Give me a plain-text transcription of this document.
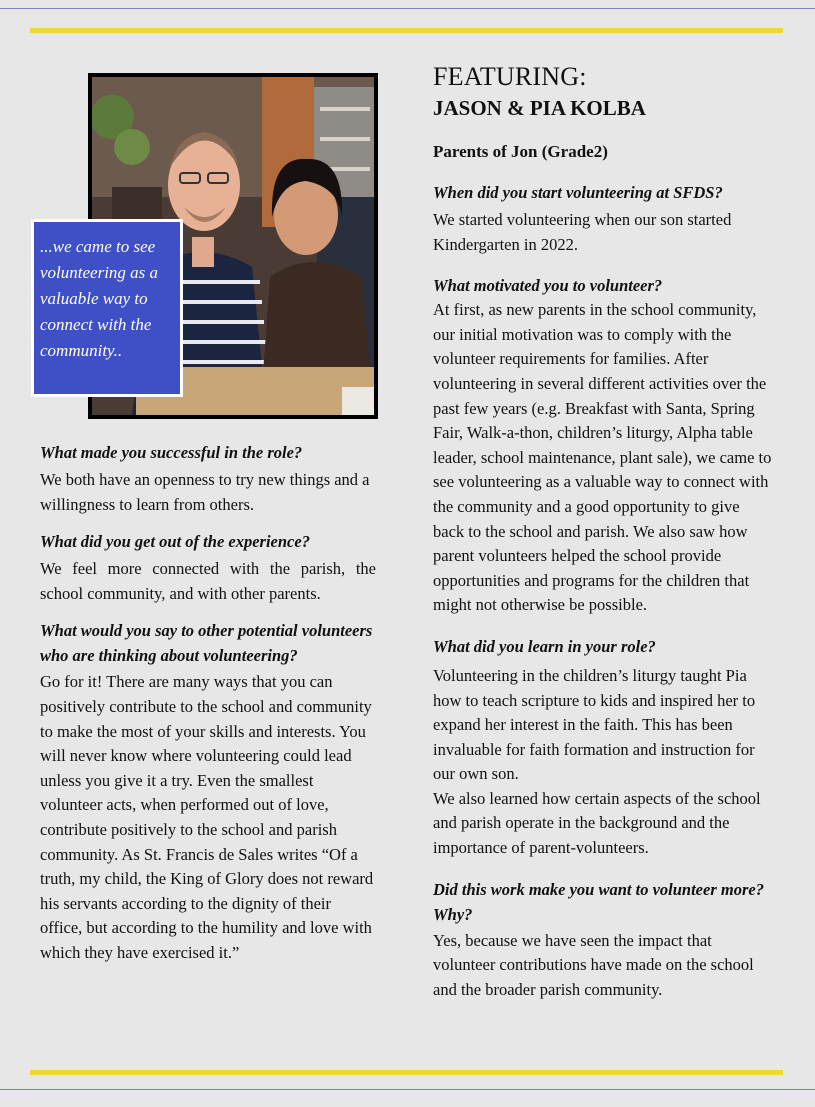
...we came to see volunteering as a valuable way to connect with the community..

What made you successful in the role?

We both have an openness to try new things and a willingness to learn from others.

What did you get out of the experience?

We feel more connected with the parish, the school community, and with other parents.

What would you say to other potential volunteers who are thinking about volunteering?

Go for it! There are many ways that you can positively contribute to the school and community to make the most of your skills and interests. You will never know where volunteering could lead unless you give it a try. Even the smallest volunteer acts, when performed out of love, contribute positively to the school and parish community. As St. Francis de Sales writes “Of a truth, my child, the King of Glory does not reward his servants according to the dignity of their office, but according to the humility and love with which they have exercised it.”

FEATURING:

JASON & PIA KOLBA

Parents of Jon (Grade2)

When did you start volunteering at SFDS?

We started volunteering when our son started Kindergarten in 2022.

What motivated you to volunteer?

At first, as new parents in the school community, our initial motivation was to comply with the volunteer requirements for families. After volunteering in several different activities over the past few years (e.g. Breakfast with Santa, Spring Fair, Walk-a-thon, children’s liturgy, Alpha table leader, school maintenance, plant sale), we came to see volunteering as a valuable way to connect with the community and a good opportunity to give back to the school and parish. We also saw how parent volunteers helped the school provide opportunities and programs for the children that might not otherwise be possible.

What did you learn in your role?

Volunteering in the children’s liturgy taught Pia how to teach scripture to kids and inspired her to expand her interest in the faith. This has been invaluable for faith formation and instruction for our own son.

We also learned how certain aspects of the school and parish operate in the background and the importance of parent-volunteers.

Did this work make you want to volunteer more? Why?

Yes, because we have seen the impact that volunteer contributions have made on the school and the broader parish community.
